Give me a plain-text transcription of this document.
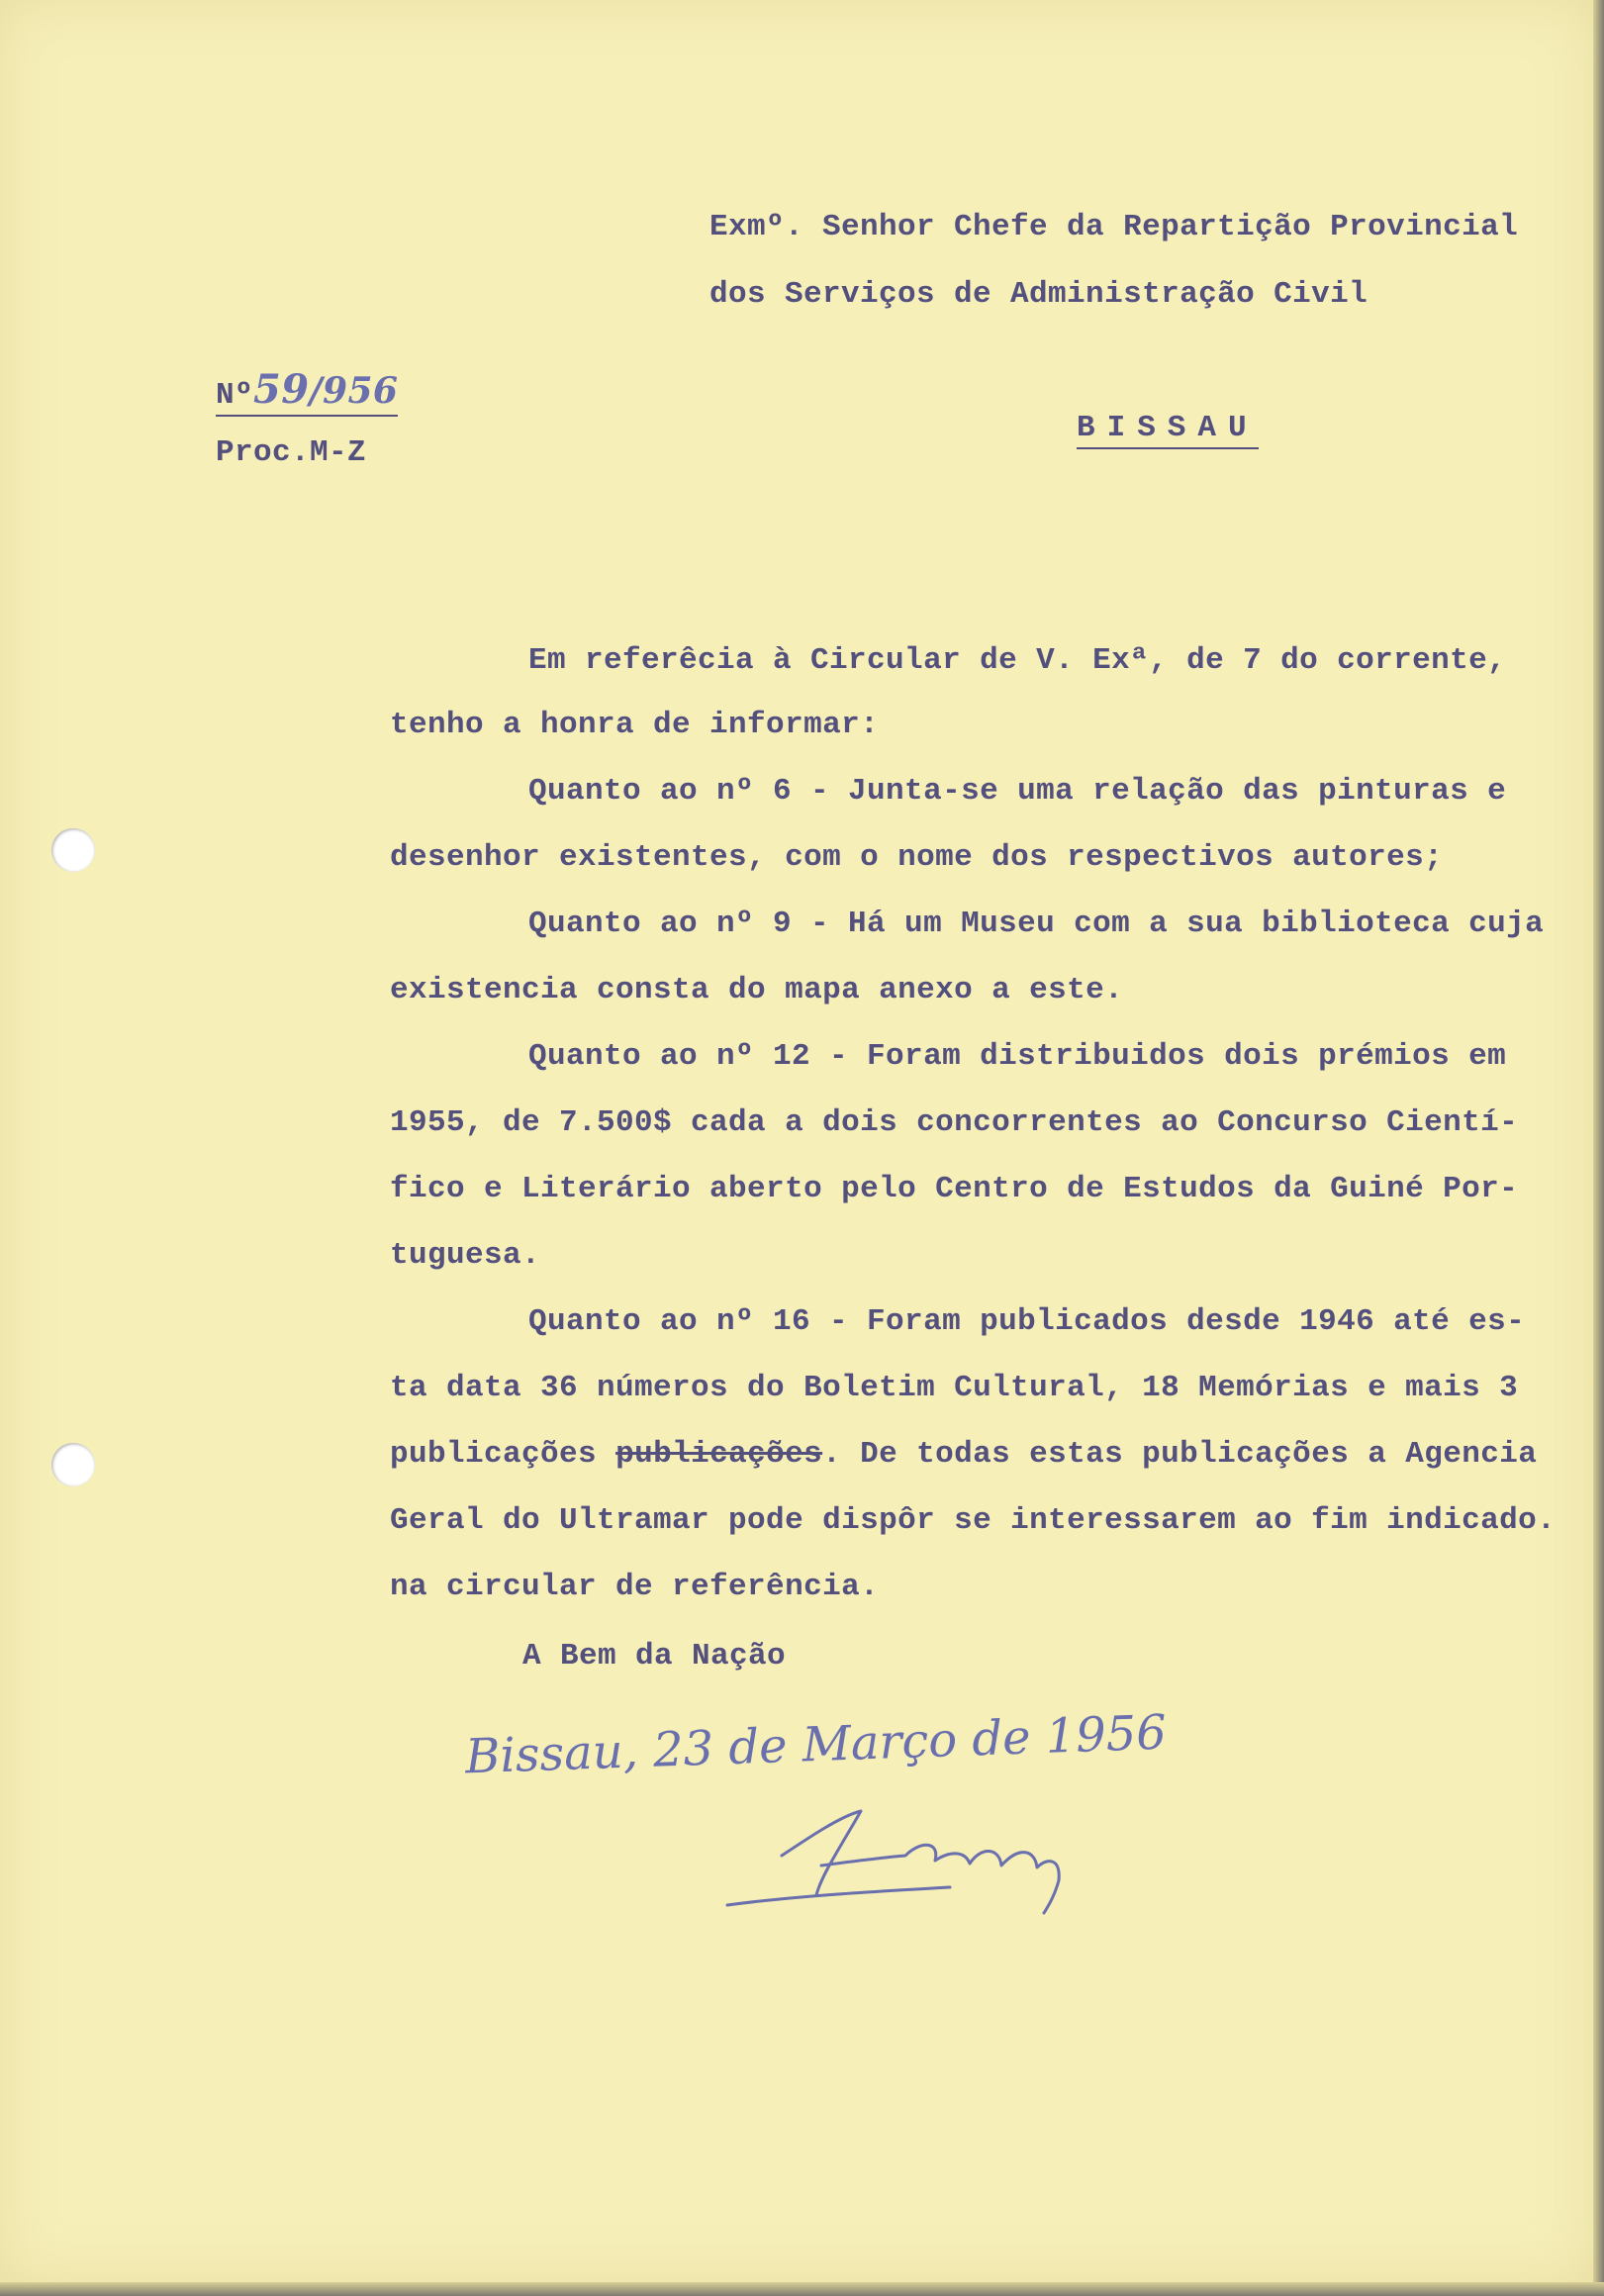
Exmº. Senhor Chefe da Repartição Provincial

dos Serviços de Administração Civil

Nº59/956

Proc.M-Z

BISSAU

Em referêcia à Circular de V. Exª, de 7 do corrente,

tenho a honra de informar:

Quanto ao nº 6 - Junta-se uma relação das pinturas e

desenhor existentes, com o nome dos respectivos autores;

Quanto ao nº 9 - Há um Museu com a sua biblioteca cuja

existencia consta do mapa anexo a este.

Quanto ao nº 12 - Foram distribuidos dois prémios em

1955, de 7.500$ cada a dois concorrentes ao Concurso Cientí-

fico e Literário aberto pelo Centro de Estudos da Guiné Por-

tuguesa.

Quanto ao nº 16 - Foram publicados desde 1946 até es-

ta data 36 números do Boletim Cultural, 18 Memórias e mais 3

publicações publicações. De todas estas publicações a Agencia

Geral do Ultramar pode dispôr se interessarem ao fim indicado.

na circular de referência.

A Bem da Nação

Bissau, 23 de Março de 1956
